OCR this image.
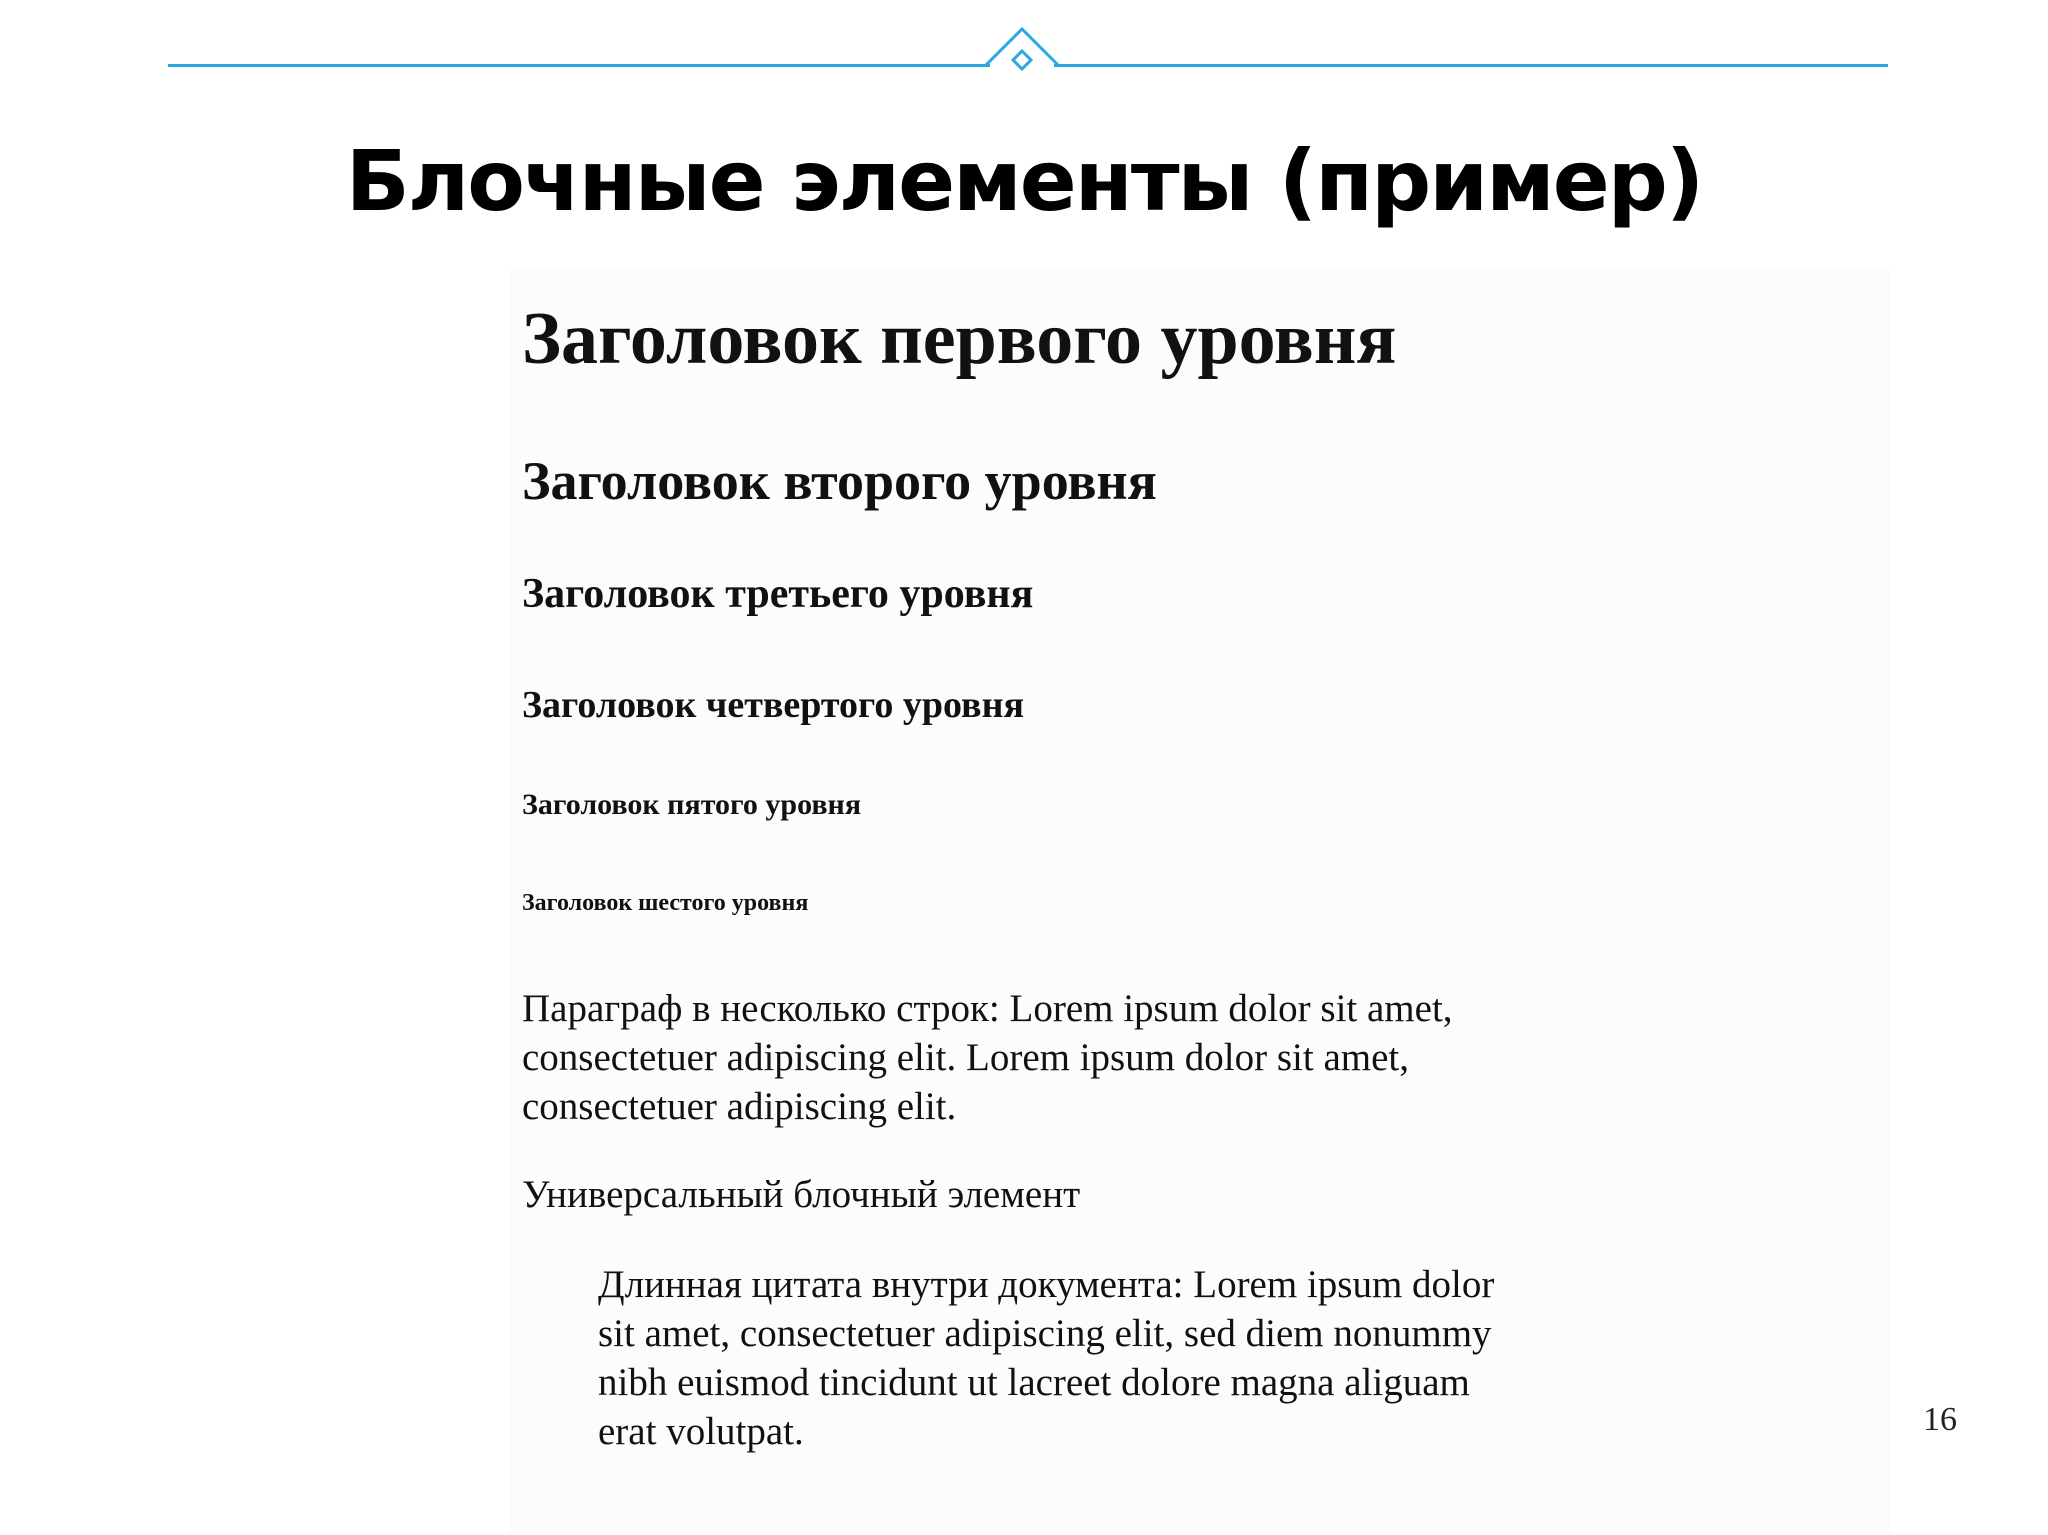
Блочные элементы (пример)
Заголовок первого уровня
Заголовок второго уровня
Заголовок третьего уровня
Заголовок четвертого уровня
Заголовок пятого уровня
Заголовок шестого уровня

Параграф в несколько строк: Lorem ipsum dolor sit amet, consectetuer adipiscing elit. Lorem ipsum dolor sit amet, consectetuer adipiscing elit.

Универсальный блочный элемент
Длинная цитата внутри документа: Lorem ipsum dolor sit amet, consectetuer adipiscing elit, sed diem nonummy nibh euismod tincidunt ut lacreet dolore magna aliguam erat volutpat.	16
